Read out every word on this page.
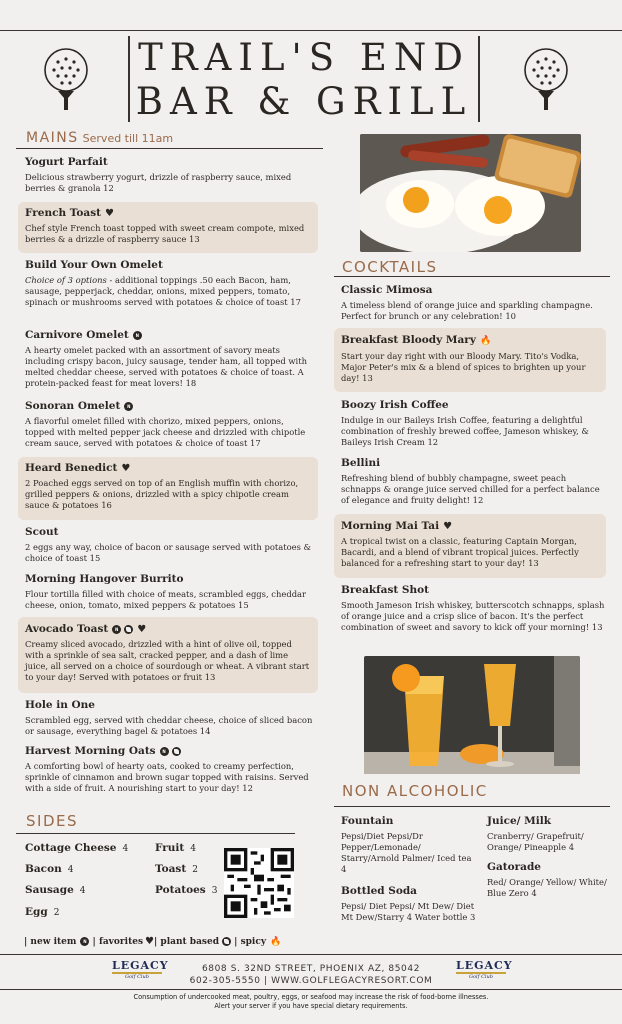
TRAIL'S END
BAR & GRILL
MAINS Served till 11am
Yogurt Parfait
Delicious strawberry yogurt, drizzle of raspberry sauce, mixed berries & granola 12
French Toast ♥
Chef style French toast topped with sweet cream compote, mixed berries & a drizzle of raspberry sauce 13
Build Your Own Omelet
Choice of 3 options - additional toppings .50 each Bacon, ham, sausage, pepperjack, cheddar, onions, mixed peppers, tomato, spinach or mushrooms served with potatoes & choice of toast 17
Carnivore Omelet N
A hearty omelet packed with an assortment of savory meats including crispy bacon, juicy sausage, tender ham, all topped with melted cheddar cheese, served with potatoes & choice of toast. A protein-packed feast for meat lovers! 18
Sonoran Omelet N
A flavorful omelet filled with chorizo, mixed peppers, onions, topped with melted pepper jack cheese and drizzled with chipotle cream sauce, served with potatoes & choice of toast 17
Heard Benedict ♥
2 Poached eggs served on top of an English muffin with chorizo, grilled peppers & onions, drizzled with a spicy chipotle cream sauce & potatoes 16
Scout
2 eggs any way, choice of bacon or sausage served with potatoes & choice of toast 15
Morning Hangover Burrito
Flour tortilla filled with choice of meats, scrambled eggs, cheddar cheese, onion, tomato, mixed peppers & potatoes 15
Avocado Toast N ♥
Creamy sliced avocado, drizzled with a hint of olive oil, topped with a sprinkle of sea salt, cracked pepper, and a dash of lime juice, all served on a choice of sourdough or wheat. A vibrant start to your day! Served with potatoes or fruit 13
Hole in One
Scrambled egg, served with cheddar cheese, choice of sliced bacon or sausage, everything bagel & potatoes 14
Harvest Morning Oats N
A comforting bowl of hearty oats, cooked to creamy perfection, sprinkle of cinnamon and brown sugar topped with raisins. Served with a side of fruit. A nourishing start to your day! 12
SIDES
Cottage Cheese 4
Bacon 4
Sausage 4
Egg 2
Fruit 4
Toast 2
Potatoes 3
| new item N | favorites ♥| plant based | spicy 🔥
COCKTAILS
Classic Mimosa
A timeless blend of orange juice and sparkling champagne. Perfect for brunch or any celebration! 10
Breakfast Bloody Mary 🔥
Start your day right with our Bloody Mary. Tito's Vodka, Major Peter's mix & a blend of spices to brighten up your day! 13
Boozy Irish Coffee
Indulge in our Baileys Irish Coffee, featuring a delightful combination of freshly brewed coffee, Jameson whiskey, & Baileys Irish Cream 12
Bellini
Refreshing blend of bubbly champagne, sweet peach schnapps & orange juice served chilled for a perfect balance of elegance and fruity delight! 12
Morning Mai Tai ♥
A tropical twist on a classic, featuring Captain Morgan, Bacardi, and a blend of vibrant tropical juices. Perfectly balanced for a refreshing start to your day! 13
Breakfast Shot
Smooth Jameson Irish whiskey, butterscotch schnapps, splash of orange juice and a crisp slice of bacon. It's the perfect combination of sweet and savory to kick off your morning! 13
NON ALCOHOLIC
Fountain
Pepsi/Diet Pepsi/Dr Pepper/Lemonade/ Starry/Arnold Palmer/ Iced tea 4
Bottled Soda
Pepsi/ Diet Pepsi/ Mt Dew/ Diet Mt Dew/Starry 4 Water bottle 3
Juice/ Milk
Cranberry/ Grapefruit/ Orange/ Pineapple 4
Gatorade
Red/ Orange/ Yellow/ White/ Blue Zero 4
LEGACY
Golf Club
6808 S. 32ND STREET, PHOENIX AZ, 85042
602-305-5550 | WWW.GOLFLEGACYRESORT.COM
LEGACY
Golf Club
Consumption of undercooked meat, poultry, eggs, or seafood may increase the risk of food-borne illnesses.
Alert your server if you have special dietary requirements.
